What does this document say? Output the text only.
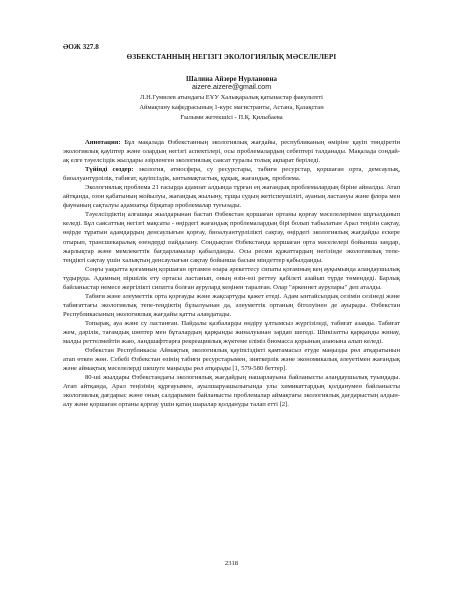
ӘОЖ 327.8
ӨЗБЕКСТАННЫҢ НЕГІЗГІ ЭКОЛОГИЯЛЫҚ МӘСЕЛЕЛЕРІ
Шалина Айзере Нурлановна
aizere.aizere@gmail.com
Л.Н.Гумилев атындағы ЕҰУ Халықаралық қатынастар факультеті
Аймақтану кафедрасының 1-курс магистранты, Астана, Қазақстан
Ғылыми жетекшісі - П.Қ. Қилыбаева

Аннотация: Бұл мақалада Өзбекстанның экологиялық жағдайы, республиканың өміріне қауіп төндіретін экологиялық қауіптер және олардың негізгі аспектілері, осы проблемалардың себептері талданады. Мақалада сондай-ақ елге тәуелсіздік жылдары әзірленген экологиялық саясат туралы толық ақпарат беріледі.

Түйінді сөздер: экология, атмосфера, су ресурстары, табиғи ресурстар, қоршаған орта, демсаулық, биоалуантүрлілік, табиғат, қауіпсіздік, ынтымақтастық, құқық, жағандық, проблема.

Экологиялық проблема 21 ғасырда адамзат алдында тұрған ең жағандық проблемалардың біріне айналды. Атап айтқанда, озон қабатының жойылуы, жағандық жылыну, тұщы судың жетіспеушілігі, ауаның ластануы және флора мен фаунаның сақталуы адамзатқа бірқатар проблемалар туғызады.

Тәуелсіздіктің алғашқы жылдарынан бастап Өзбекстан қоршаған ортаны қорғау мәселелерімен шұғылданып келеді. Бұл саясаттың негізгі мақсаты - өңірдегі жағандық проблемалардың бірі болып табылатын Арал теңізін сақтау, өңірде тұратын адамдардың денсаулығын қорғау, биоалуантүрлілікті сақтау, өңірдегі экологиялық жағдайды ескере отырып, трансшекаралық өзендерді пайдалану. Сондықтан Өзбекстанда қоршаған орта мәселелері бойынша заңдар, жарлықтар және мемлекеттік бағдарламалар қабылданды. Осы ресми құжаттардың негізінде экологиялық тепе-теңдікті сақтау үшін халықтың денсаулығын сақтау бойынша басым міндеттер қабылданды.

Соңғы уақытта қоғамның қоршаған ортамен өзара әрекеттесу сипаты қоғамның кең ауқымында алаңдаушылық тудыруда. Адамның піршілік ету ортасы ластанып, оның өзін-өзі реттеу қабілеті азайып түрде төмендеді. Барлық байланыстар немесе жергілікті сипатта болған аурулард кеңінен таралған. Олар "әркеннет аурулары" деп аталды.

Табиғи және әлеуметтік орта қорғауды және жақсартуды қажет етеді. Адам ынтайсыздық сезімін сезінеді және табиғаттағы экологиялық тепе-теңдіктің бұзылуынан да, әлеуметтік ортаның бітолуінен де ауырады. Өзбекстан Республикасының экологиялық жағдайы қатты алаңдатады.

Топырақ, ауа және су ластанған. Пайдалы қазбаларды өндіру ұлтымсыз жүргізіледі, табиғат азаяды. Табиғат жем, дәрілік, тағамдық шөптер мен бұталардың қарқынды жиналуынан зардап шегеді. Шикізатты қарқынды жинау, малды реттелмейтін жаю, ландшафттарға рекреациялық жүктеме еліміз биомасса қорының азаюына алып келеді.

Өзбекстан Республикасы Аймақтық экологиялық қауіпсіздікті қамтамасыз етуде маңызды рөл атқаратынын атап өткен жөн. Себебі Өзбекстан өзінің табиғи ресурстарымен, зияткерлік және экономикалық әлеуетімен жағандық және аймақтық мәселелерді шешуге маңызды рөл атқарады [1, 579-580 беттер].

80-ші жылдары Өзбекстандағы экологиялық жағдайдың нашарлауына байланысты алаңдаушылық туындады. Атап айтқанда, Арал теңізінің құрғауымен, ауылшаруашылығында улы химикаттардың қолданумен байланысты экологиялық дағдарыс және оның салдарымен байланысты проблемалар аймақтағы экологиялық дағдарыстың алдын-алу және қоршаған ортаны қорғау үшін қатаң шаралар қолдануды талап етті [2].

2318
